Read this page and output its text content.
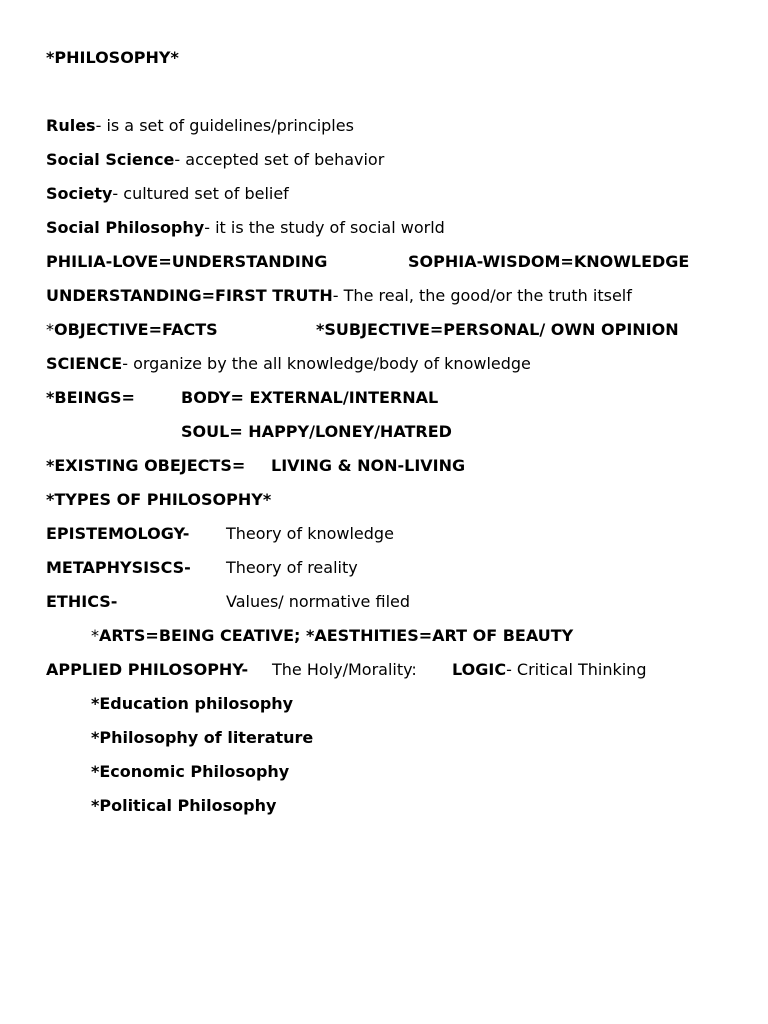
*PHILOSOPHY*
Rules- is a set of guidelines/principles
Social Science- accepted set of behavior
Society- cultured set of belief
Social Philosophy- it is the study of social world
PHILIA-LOVE=UNDERSTANDING	SOPHIA-WISDOM=KNOWLEDGE
UNDERSTANDING=FIRST TRUTH- The real, the good/or the truth itself
*OBJECTIVE=FACTS	*SUBJECTIVE=PERSONAL/ OWN OPINION
SCIENCE- organize by the all knowledge/body of knowledge
*BEINGS=	BODY= EXTERNAL/INTERNAL
SOUL= HAPPY/LONEY/HATRED
*EXISTING OBEJECTS= LIVING & NON-LIVING
*TYPES OF PHILOSOPHY*
EPISTEMOLOGY- Theory of knowledge
METAPHYSISCS- Theory of reality
ETHICS-	Values/ normative filed
*ARTS=BEING CEATIVE; *AESTHITIES=ART OF BEAUTY
APPLIED PHILOSOPHY- The Holy/Morality: LOGIC- Critical Thinking
*Education philosophy
*Philosophy of literature
*Economic Philosophy
*Political Philosophy
